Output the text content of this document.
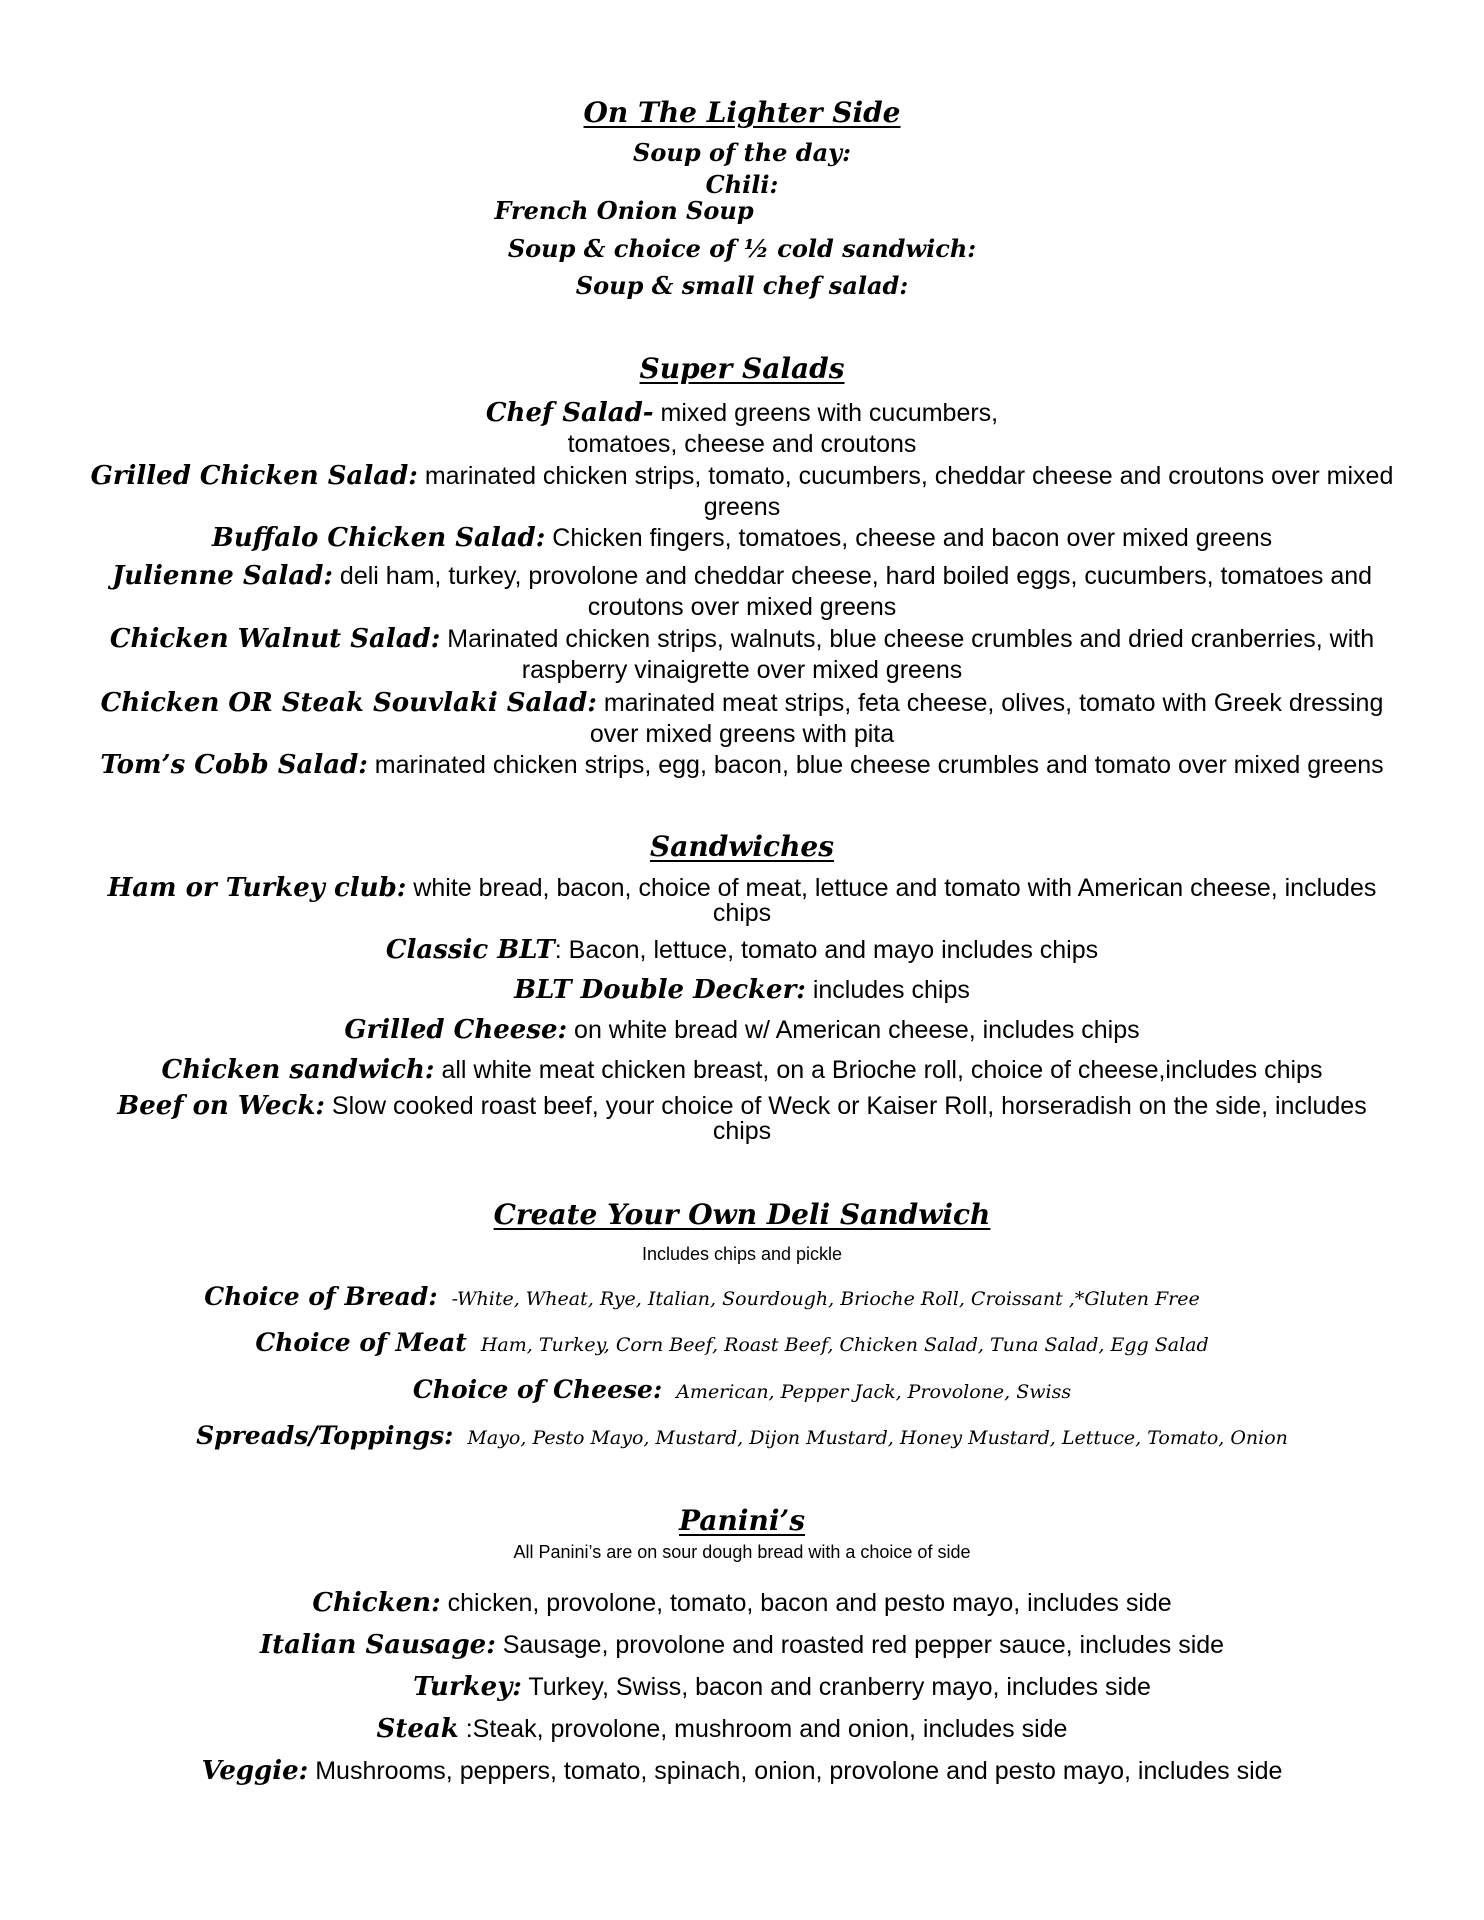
On The Lighter Side
Soup of the day:
Chili:
French Onion Soup
Soup & choice of ½ cold sandwich:
Soup & small chef salad:
Super Salads
Chef Salad- mixed greens with cucumbers, tomatoes, cheese and croutons
Grilled Chicken Salad: marinated chicken strips, tomato, cucumbers, cheddar cheese and croutons over mixed greens
Buffalo Chicken Salad: Chicken fingers, tomatoes, cheese and bacon over mixed greens
Julienne Salad: deli ham, turkey, provolone and cheddar cheese, hard boiled eggs, cucumbers, tomatoes and croutons over mixed greens
Chicken Walnut Salad: Marinated chicken strips, walnuts, blue cheese crumbles and dried cranberries, with raspberry vinaigrette over mixed greens
Chicken OR Steak Souvlaki Salad: marinated meat strips, feta cheese, olives, tomato with Greek dressing over mixed greens with pita
Tom’s Cobb Salad: marinated chicken strips, egg, bacon, blue cheese crumbles and tomato over mixed greens
Sandwiches
Ham or Turkey club: white bread, bacon, choice of meat, lettuce and tomato with American cheese, includes chips
Classic BLT: Bacon, lettuce, tomato and mayo includes chips
BLT Double Decker: includes chips
Grilled Cheese: on white bread w/ American cheese, includes chips
Chicken sandwich: all white meat chicken breast, on a Brioche roll, choice of cheese,includes chips
Beef on Weck: Slow cooked roast beef, your choice of Weck or Kaiser Roll, horseradish on the side, includes chips
Create Your Own Deli Sandwich
Includes chips and pickle
Choice of Bread: -White, Wheat, Rye, Italian, Sourdough, Brioche Roll, Croissant ,*Gluten Free
Choice of Meat Ham, Turkey, Corn Beef, Roast Beef, Chicken Salad, Tuna Salad, Egg Salad
Choice of Cheese: American, Pepper Jack, Provolone, Swiss
Spreads/Toppings: Mayo, Pesto Mayo, Mustard, Dijon Mustard, Honey Mustard, Lettuce, Tomato, Onion
Panini’s
All Panini’s are on sour dough bread with a choice of side
Chicken: chicken, provolone, tomato, bacon and pesto mayo, includes side
Italian Sausage: Sausage, provolone and roasted red pepper sauce, includes side
Turkey: Turkey, Swiss, bacon and cranberry mayo, includes side
Steak :Steak, provolone, mushroom and onion, includes side
Veggie: Mushrooms, peppers, tomato, spinach, onion, provolone and pesto mayo, includes side
